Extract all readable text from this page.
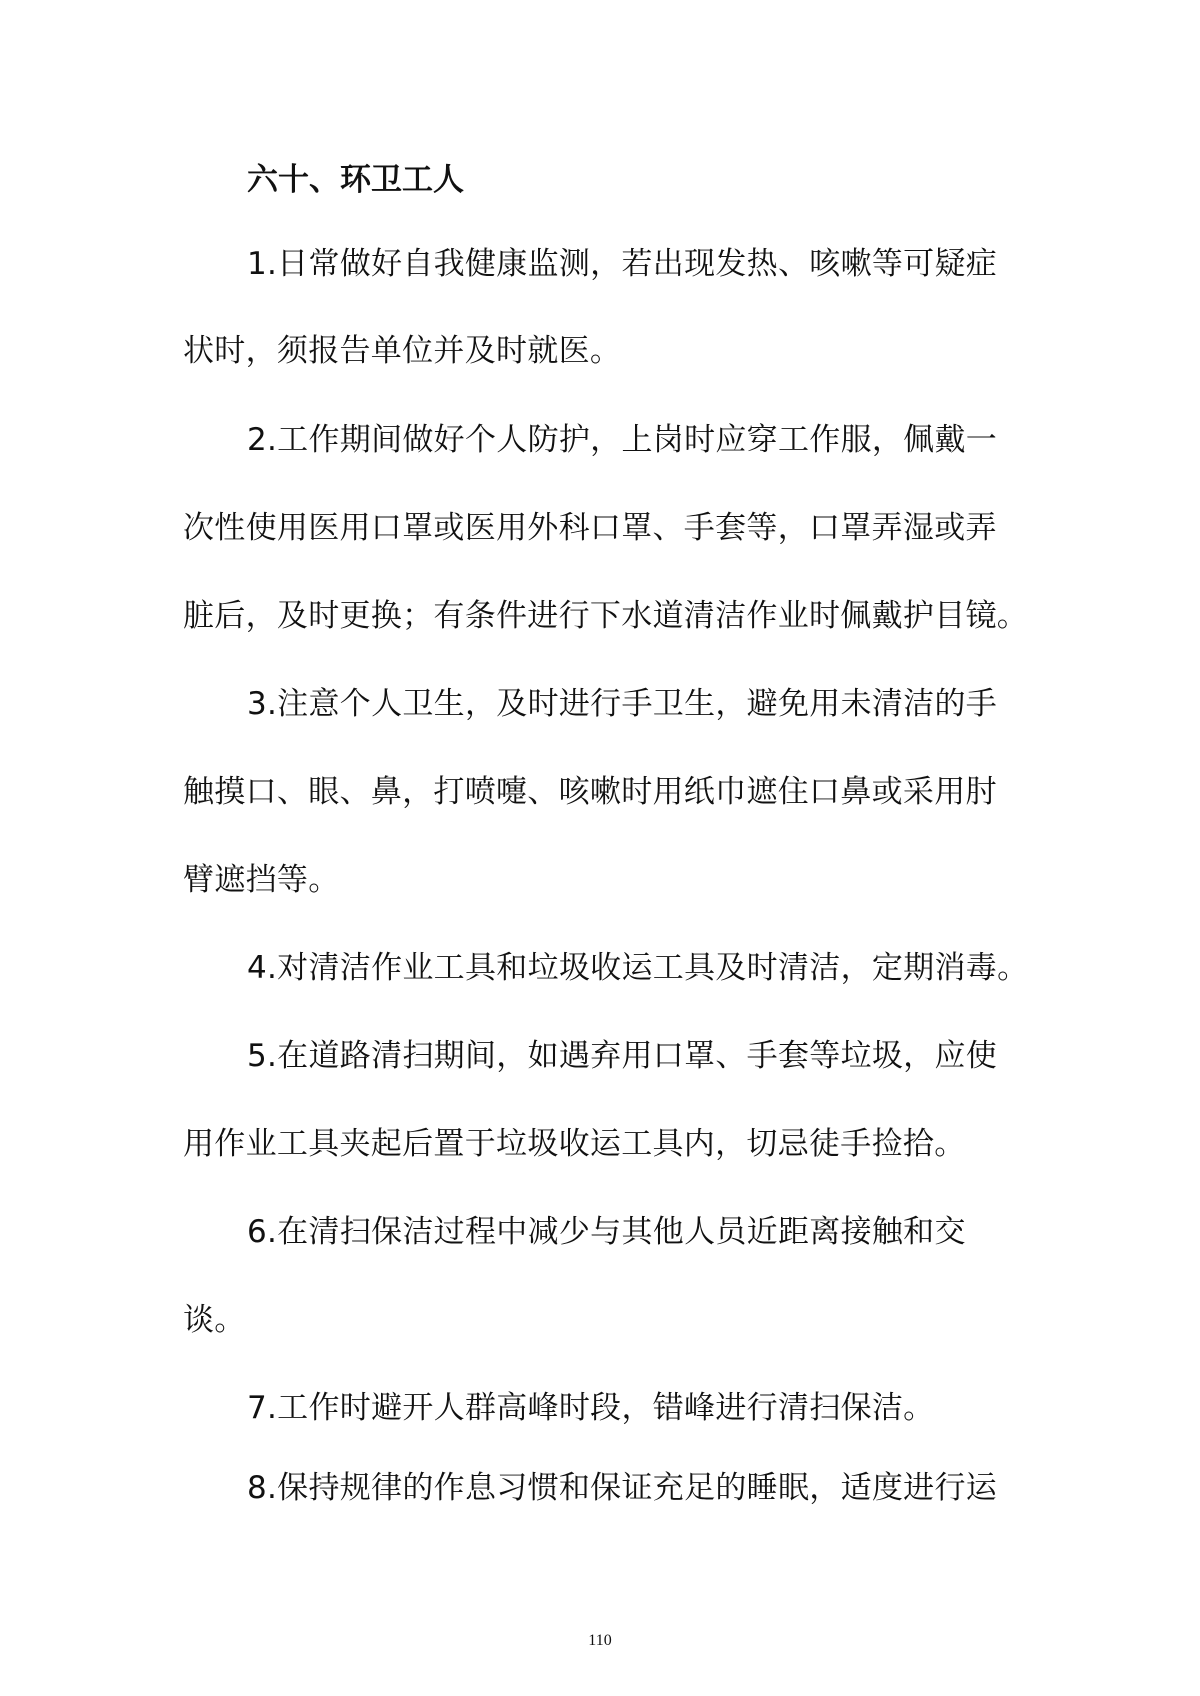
六十、环卫工人
1.日常做好自我健康监测，若出现发热、咳嗽等可疑症
状时，须报告单位并及时就医。
2.工作期间做好个人防护，上岗时应穿工作服，佩戴一
次性使用医用口罩或医用外科口罩、手套等，口罩弄湿或弄
脏后，及时更换；有条件进行下水道清洁作业时佩戴护目镜。
3.注意个人卫生，及时进行手卫生，避免用未清洁的手
触摸口、眼、鼻，打喷嚏、咳嗽时用纸巾遮住口鼻或采用肘
臂遮挡等。
4.对清洁作业工具和垃圾收运工具及时清洁，定期消毒。
5.在道路清扫期间，如遇弃用口罩、手套等垃圾，应使
用作业工具夹起后置于垃圾收运工具内，切忌徒手捡拾。
6.在清扫保洁过程中减少与其他人员近距离接触和交
谈。
7.工作时避开人群高峰时段，错峰进行清扫保洁。
8.保持规律的作息习惯和保证充足的睡眠，适度进行运
110
